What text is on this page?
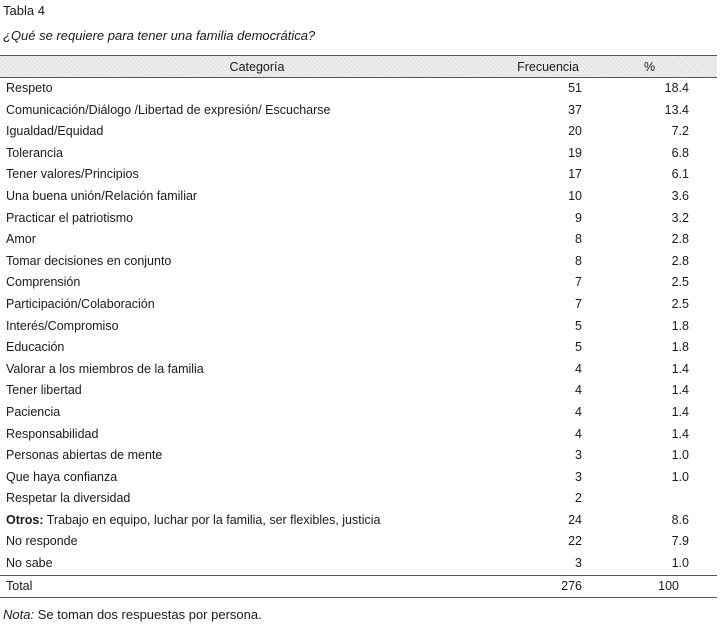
Tabla 4
¿Qué se requiere para tener una familia democrática?
Categoría	Frecuencia	%
Respeto	51	18.4
Comunicación/Diálogo /Libertad de expresión/ Escucharse	37	13.4
Igualdad/Equidad	20	7.2
Tolerancia	19	6.8
Tener valores/Principios	17	6.1
Una buena unión/Relación familiar	10	3.6
Practicar el patriotismo	9	3.2
Amor	8	2.8
Tomar decisiones en conjunto	8	2.8
Comprensión	7	2.5
Participación/Colaboración	7	2.5
Interés/Compromiso	5	1.8
Educación	5	1.8
Valorar a los miembros de la familia	4	1.4
Tener libertad	4	1.4
Paciencia	4	1.4
Responsabilidad	4	1.4
Personas abiertas de mente	3	1.0
Que haya confianza	3	1.0
Respetar la diversidad	2	
Otros: Trabajo en equipo, luchar por la familia, ser flexibles, justicia	24	8.6
No responde	22	7.9
No sabe	3	1.0
Total	276	100
Nota: Se toman dos respuestas por persona.
